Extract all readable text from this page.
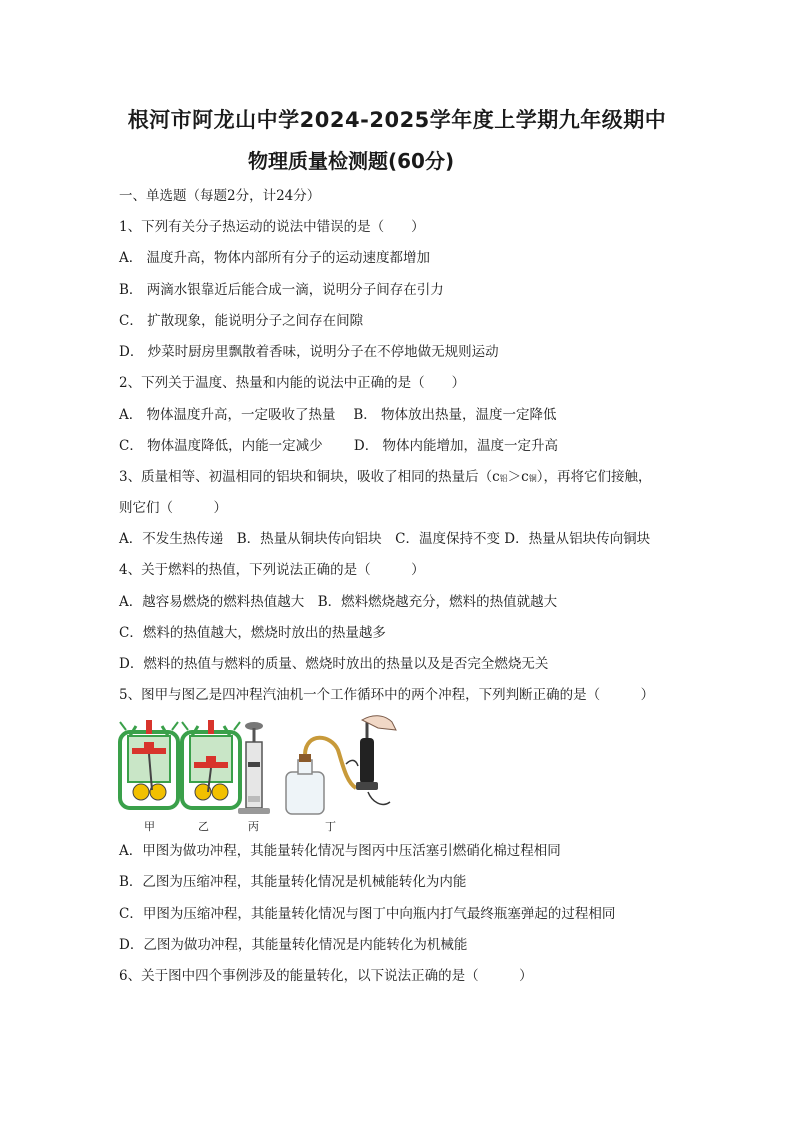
根河市阿龙山中学2024-2025学年度上学期九年级期中
物理质量检测题(60分)
一、单选题（每题2分，计24分）
1、下列有关分子热运动的说法中错误的是（　　）
A． 温度升高，物体内部所有分子的运动速度都增加
B． 两滴水银靠近后能合成一滴，说明分子间存在引力
C． 扩散现象，能说明分子之间存在间隙
D． 炒菜时厨房里飘散着香味，说明分子在不停地做无规则运动
2、下列关于温度、热量和内能的说法中正确的是（　　）
A． 物体温度升高，一定吸收了热量　 B． 物体放出热量，温度一定降低
C． 物体温度降低，内能一定减少　　 D． 物体内能增加，温度一定升高
3、质量相等、初温相同的铝块和铜块，吸收了相同的热量后（c铝＞c铜），再将它们接触，
则它们（　　　）
A．不发生热传递　B．热量从铜块传向铝块　C．温度保持不变 D．热量从铝块传向铜块
4、关于燃料的热值，下列说法正确的是（　　　）
A．越容易燃烧的燃料热值越大　B．燃料燃烧越充分，燃料的热值就越大
C．燃料的热值越大，燃烧时放出的热量越多
D．燃料的热值与燃料的质量、燃烧时放出的热量以及是否完全燃烧无关
5、图甲与图乙是四冲程汽油机一个工作循环中的两个冲程，下列判断正确的是（　　　）
甲	乙	丙	丁
A．甲图为做功冲程，其能量转化情况与图丙中压活塞引燃硝化棉过程相同
B．乙图为压缩冲程，其能量转化情况是机械能转化为内能
C．甲图为压缩冲程，其能量转化情况与图丁中向瓶内打气最终瓶塞弹起的过程相同
D．乙图为做功冲程，其能量转化情况是内能转化为机械能
6、关于图中四个事例涉及的能量转化，以下说法正确的是（　　　）
